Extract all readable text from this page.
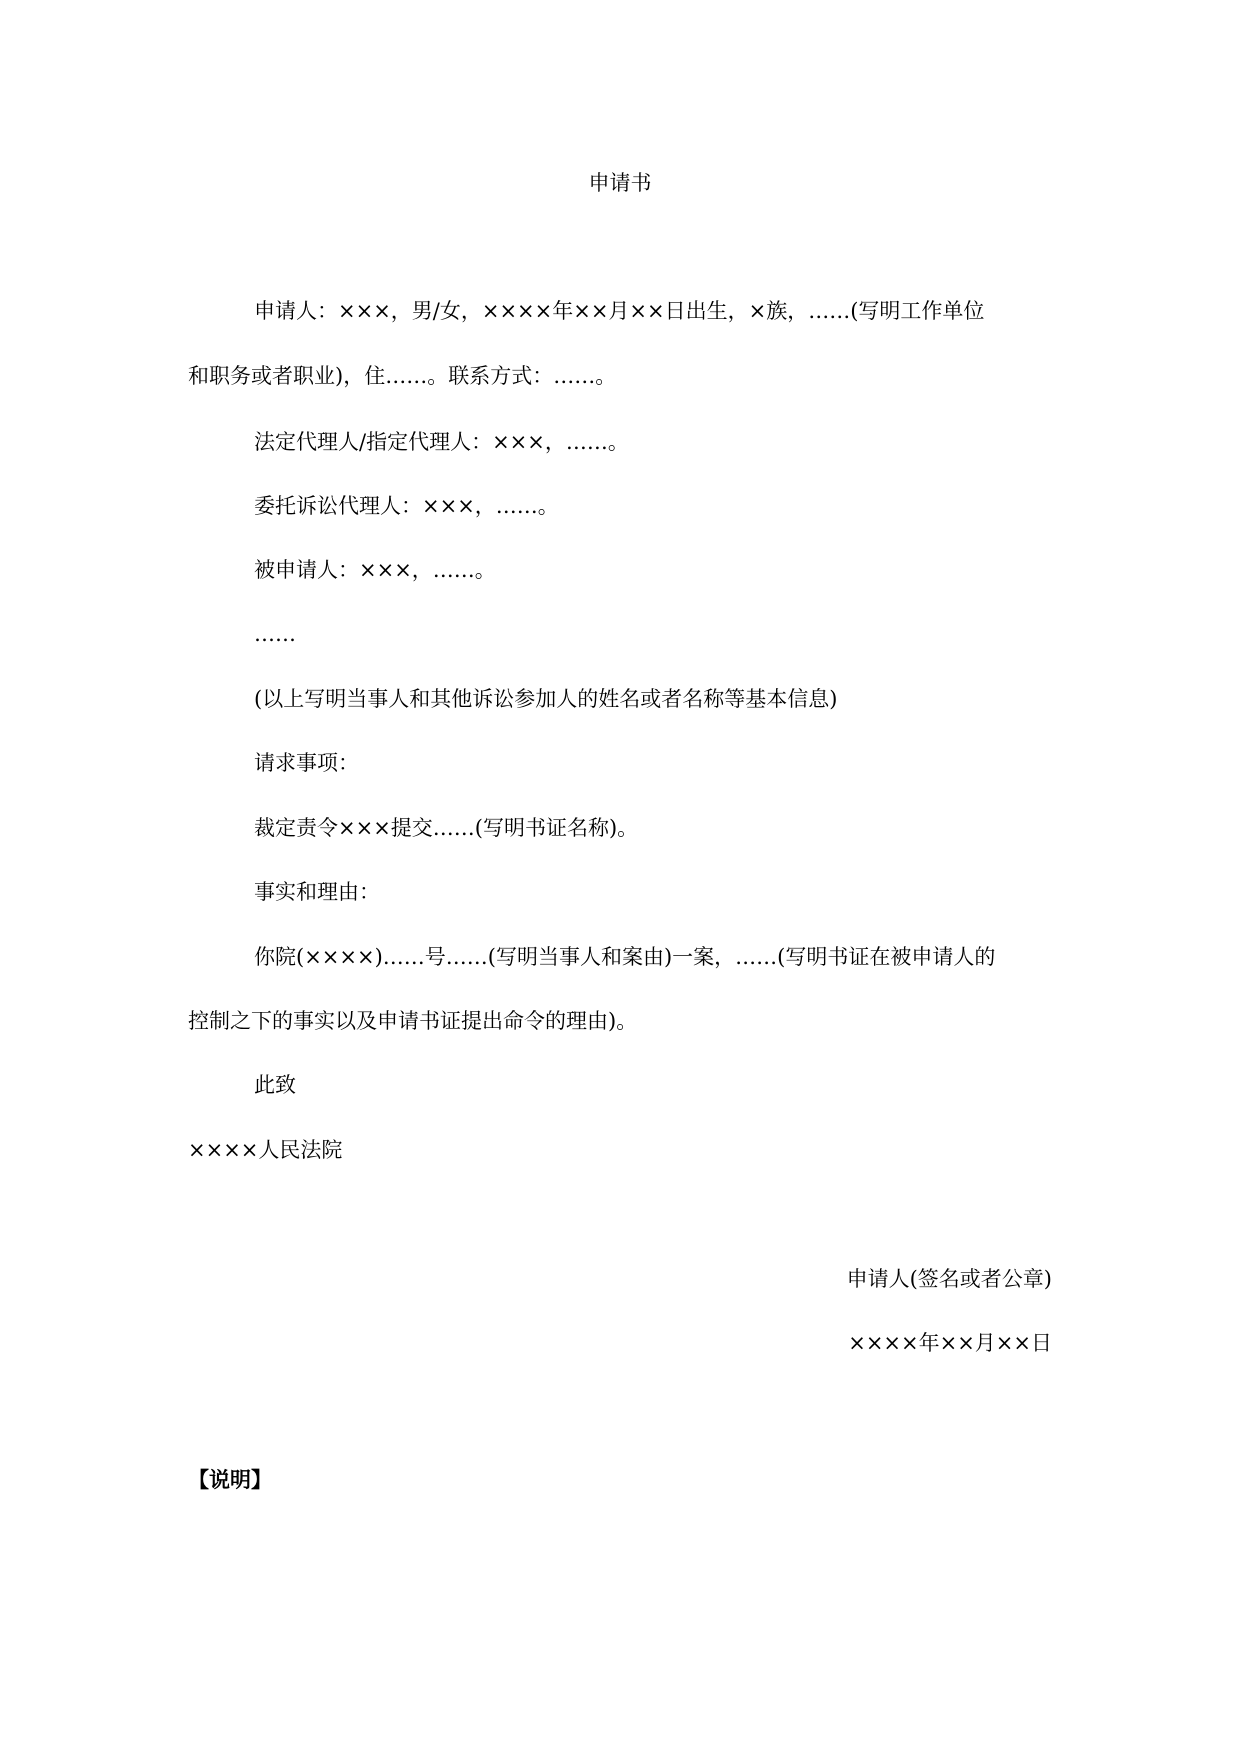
申请书
申请人：×××，男/女，××××年××月××日出生，×族，……(写明工作单位
和职务或者职业)，住……。联系方式：……。
法定代理人/指定代理人：×××，……。
委托诉讼代理人：×××，……。
被申请人：×××，……。
……
(以上写明当事人和其他诉讼参加人的姓名或者名称等基本信息)
请求事项：
裁定责令×××提交……(写明书证名称)。
事实和理由：
你院(××××)……号……(写明当事人和案由)一案，……(写明书证在被申请人的
控制之下的事实以及申请书证提出命令的理由)。
此致
××××人民法院
申请人(签名或者公章)
××××年××月××日
【说明】
